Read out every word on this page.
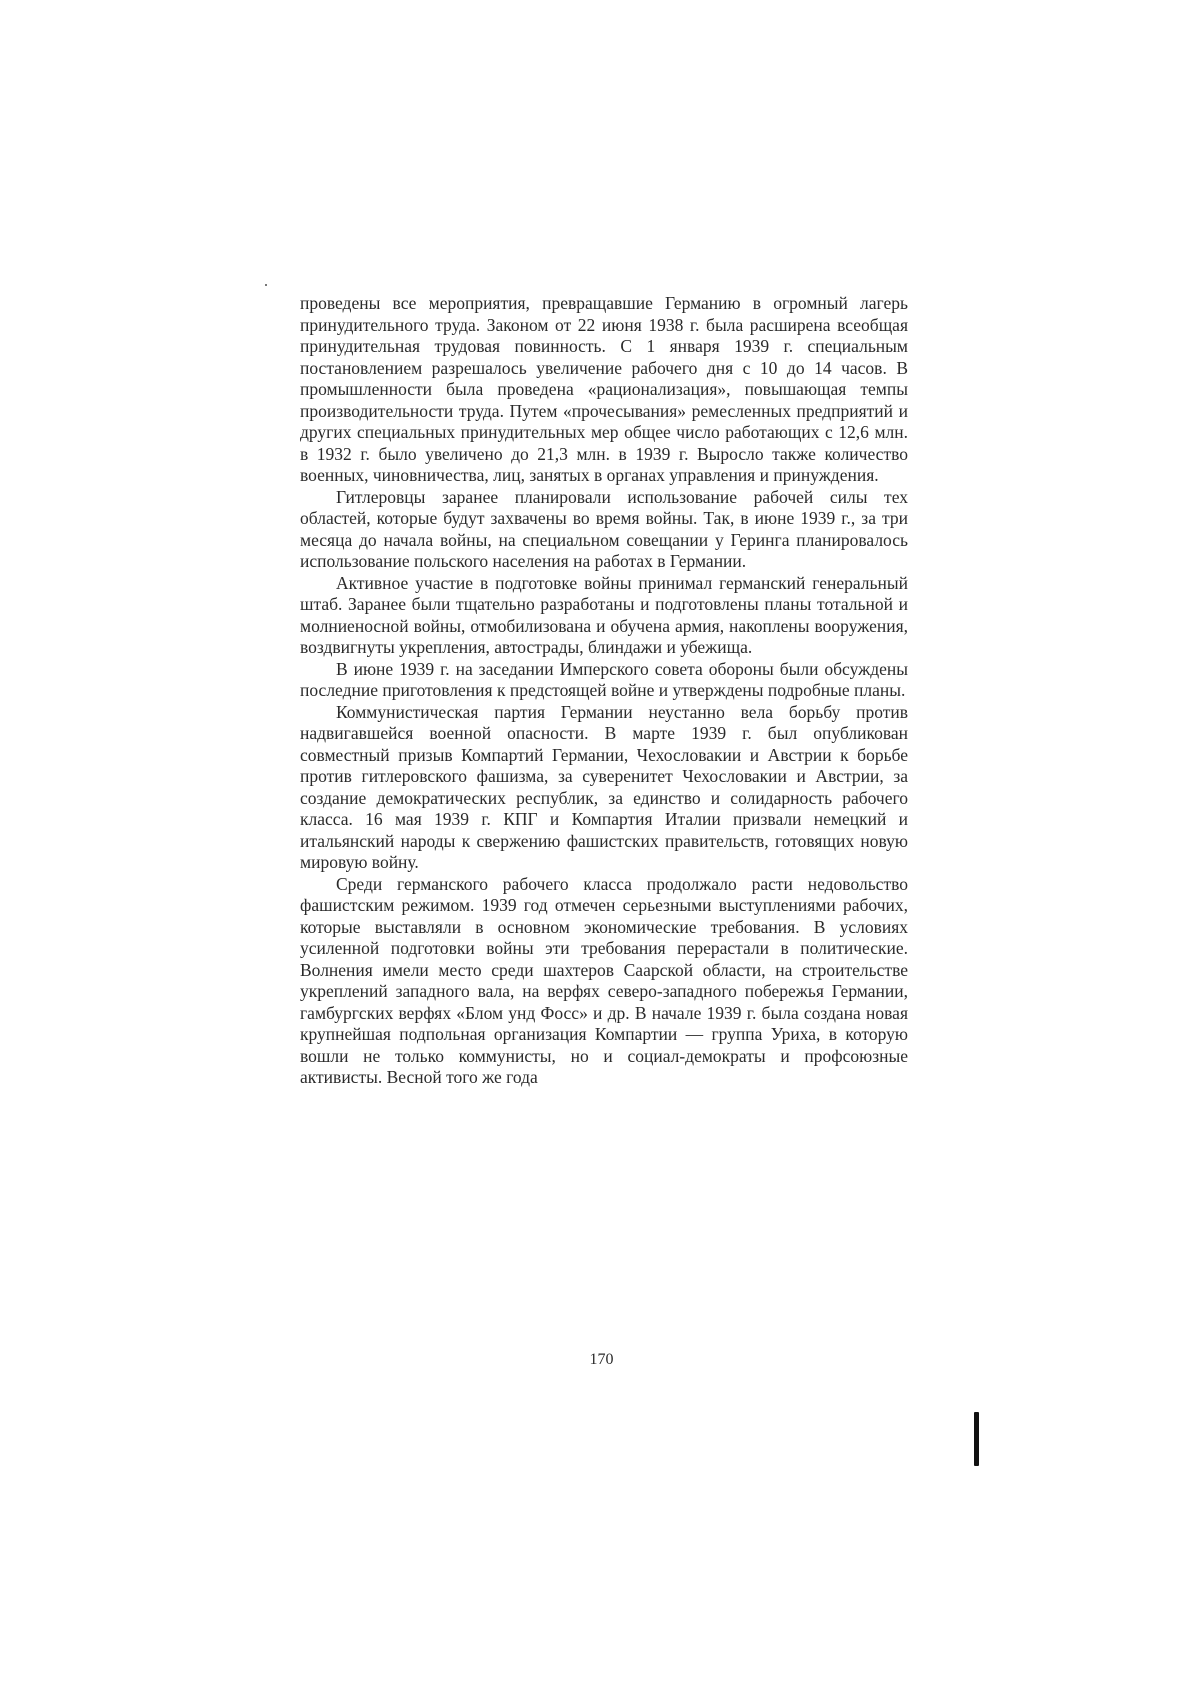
проведены все мероприятия, превращавшие Германию в огромный лагерь принудительного труда. Законом от 22 июня 1938 г. была расширена всеобщая принудительная трудовая повинность. С 1 января 1939 г. специальным постановлением разрешалось увеличение рабочего дня с 10 до 14 часов. В промышленности была проведена «рационализация», повышающая темпы производительности труда. Путем «прочесывания» ремесленных предприятий и других специальных принудительных мер общее число работающих с 12,6 млн. в 1932 г. было увеличено до 21,3 млн. в 1939 г. Выросло также количество военных, чиновничества, лиц, занятых в органах управления и принуждения.

Гитлеровцы заранее планировали использование рабочей силы тех областей, которые будут захвачены во время войны. Так, в июне 1939 г., за три месяца до начала войны, на специальном совещании у Геринга планировалось использование польского населения на работах в Германии.

Активное участие в подготовке войны принимал германский генеральный штаб. Заранее были тщательно разработаны и подготовлены планы тотальной и молниеносной войны, отмобилизована и обучена армия, накоплены вооружения, воздвигнуты укрепления, автострады, блиндажи и убежища.

В июне 1939 г. на заседании Имперского совета обороны были обсуждены последние приготовления к предстоящей войне и утверждены подробные планы.

Коммунистическая партия Германии неустанно вела борьбу против надвигавшейся военной опасности. В марте 1939 г. был опубликован совместный призыв Компартий Германии, Чехословакии и Австрии к борьбе против гитлеровского фашизма, за суверенитет Чехословакии и Австрии, за создание демократических республик, за единство и солидарность рабочего класса. 16 мая 1939 г. КПГ и Компартия Италии призвали немецкий и итальянский народы к свержению фашистских правительств, готовящих новую мировую войну.

Среди германского рабочего класса продолжало расти недовольство фашистским режимом. 1939 год отмечен серьезными выступлениями рабочих, которые выставляли в основном экономические требования. В условиях усиленной подготовки войны эти требования перерастали в политические. Волнения имели место среди шахтеров Саарской области, на строительстве укреплений западного вала, на верфях северо-западного побережья Германии, гамбургских верфях «Блом унд Фосс» и др. В начале 1939 г. была создана новая крупнейшая подпольная организация Компартии — группа Уриха, в которую вошли не только коммунисты, но и социал-демократы и профсоюзные активисты. Весной того же года

170
